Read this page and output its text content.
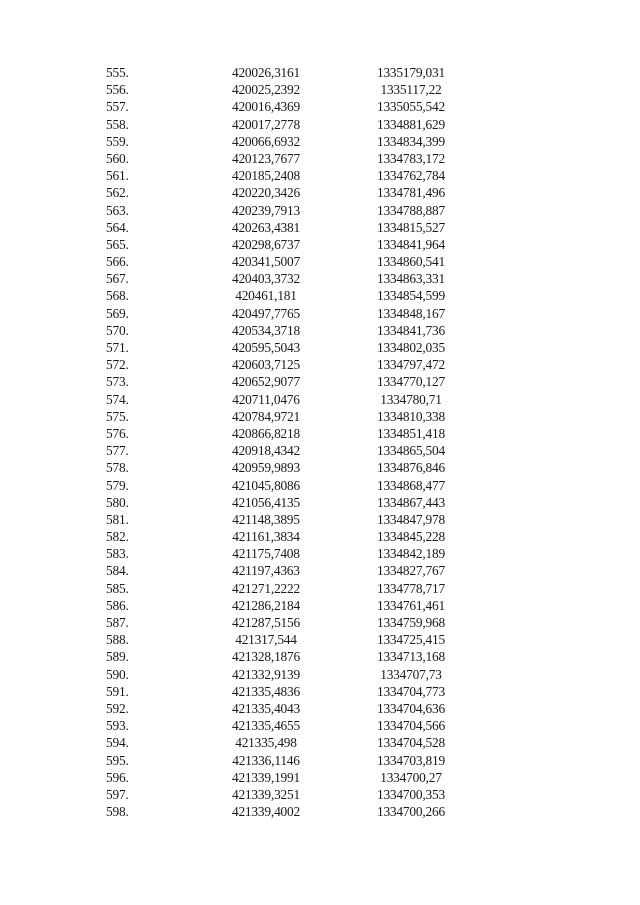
555.	420026,3161	1335179,031
556.	420025,2392	1335117,22
557.	420016,4369	1335055,542
558.	420017,2778	1334881,629
559.	420066,6932	1334834,399
560.	420123,7677	1334783,172
561.	420185,2408	1334762,784
562.	420220,3426	1334781,496
563.	420239,7913	1334788,887
564.	420263,4381	1334815,527
565.	420298,6737	1334841,964
566.	420341,5007	1334860,541
567.	420403,3732	1334863,331
568.	420461,181	1334854,599
569.	420497,7765	1334848,167
570.	420534,3718	1334841,736
571.	420595,5043	1334802,035
572.	420603,7125	1334797,472
573.	420652,9077	1334770,127
574.	420711,0476	1334780,71
575.	420784,9721	1334810,338
576.	420866,8218	1334851,418
577.	420918,4342	1334865,504
578.	420959,9893	1334876,846
579.	421045,8086	1334868,477
580.	421056,4135	1334867,443
581.	421148,3895	1334847,978
582.	421161,3834	1334845,228
583.	421175,7408	1334842,189
584.	421197,4363	1334827,767
585.	421271,2222	1334778,717
586.	421286,2184	1334761,461
587.	421287,5156	1334759,968
588.	421317,544	1334725,415
589.	421328,1876	1334713,168
590.	421332,9139	1334707,73
591.	421335,4836	1334704,773
592.	421335,4043	1334704,636
593.	421335,4655	1334704,566
594.	421335,498	1334704,528
595.	421336,1146	1334703,819
596.	421339,1991	1334700,27
597.	421339,3251	1334700,353
598.	421339,4002	1334700,266
